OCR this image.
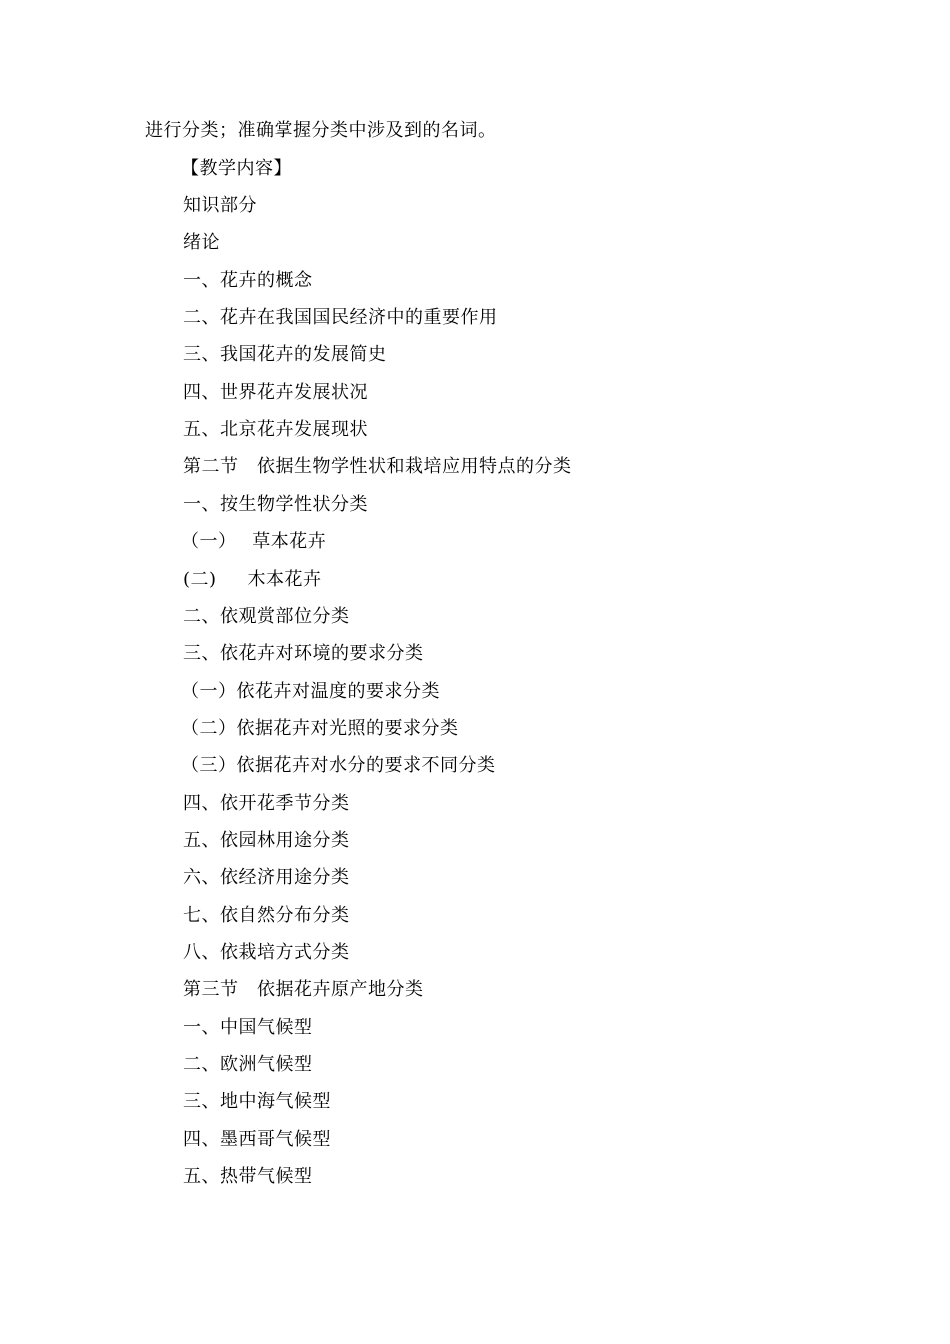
进行分类；准确掌握分类中涉及到的名词。
【教学内容】
知识部分
绪论
一、花卉的概念
二、花卉在我国国民经济中的重要作用
三、我国花卉的发展简史
四、世界花卉发展状况
五、北京花卉发展现状
第二节　依据生物学性状和栽培应用特点的分类
一、按生物学性状分类
（一）　 草本花卉
(二)　  木本花卉
二、依观赏部位分类
三、依花卉对环境的要求分类
（一）依花卉对温度的要求分类
（二）依据花卉对光照的要求分类
（三）依据花卉对水分的要求不同分类
四、依开花季节分类
五、依园林用途分类
六、依经济用途分类
七、依自然分布分类
八、依栽培方式分类
第三节　依据花卉原产地分类
一、中国气候型
二、欧洲气候型
三、地中海气候型
四、墨西哥气候型
五、热带气候型
